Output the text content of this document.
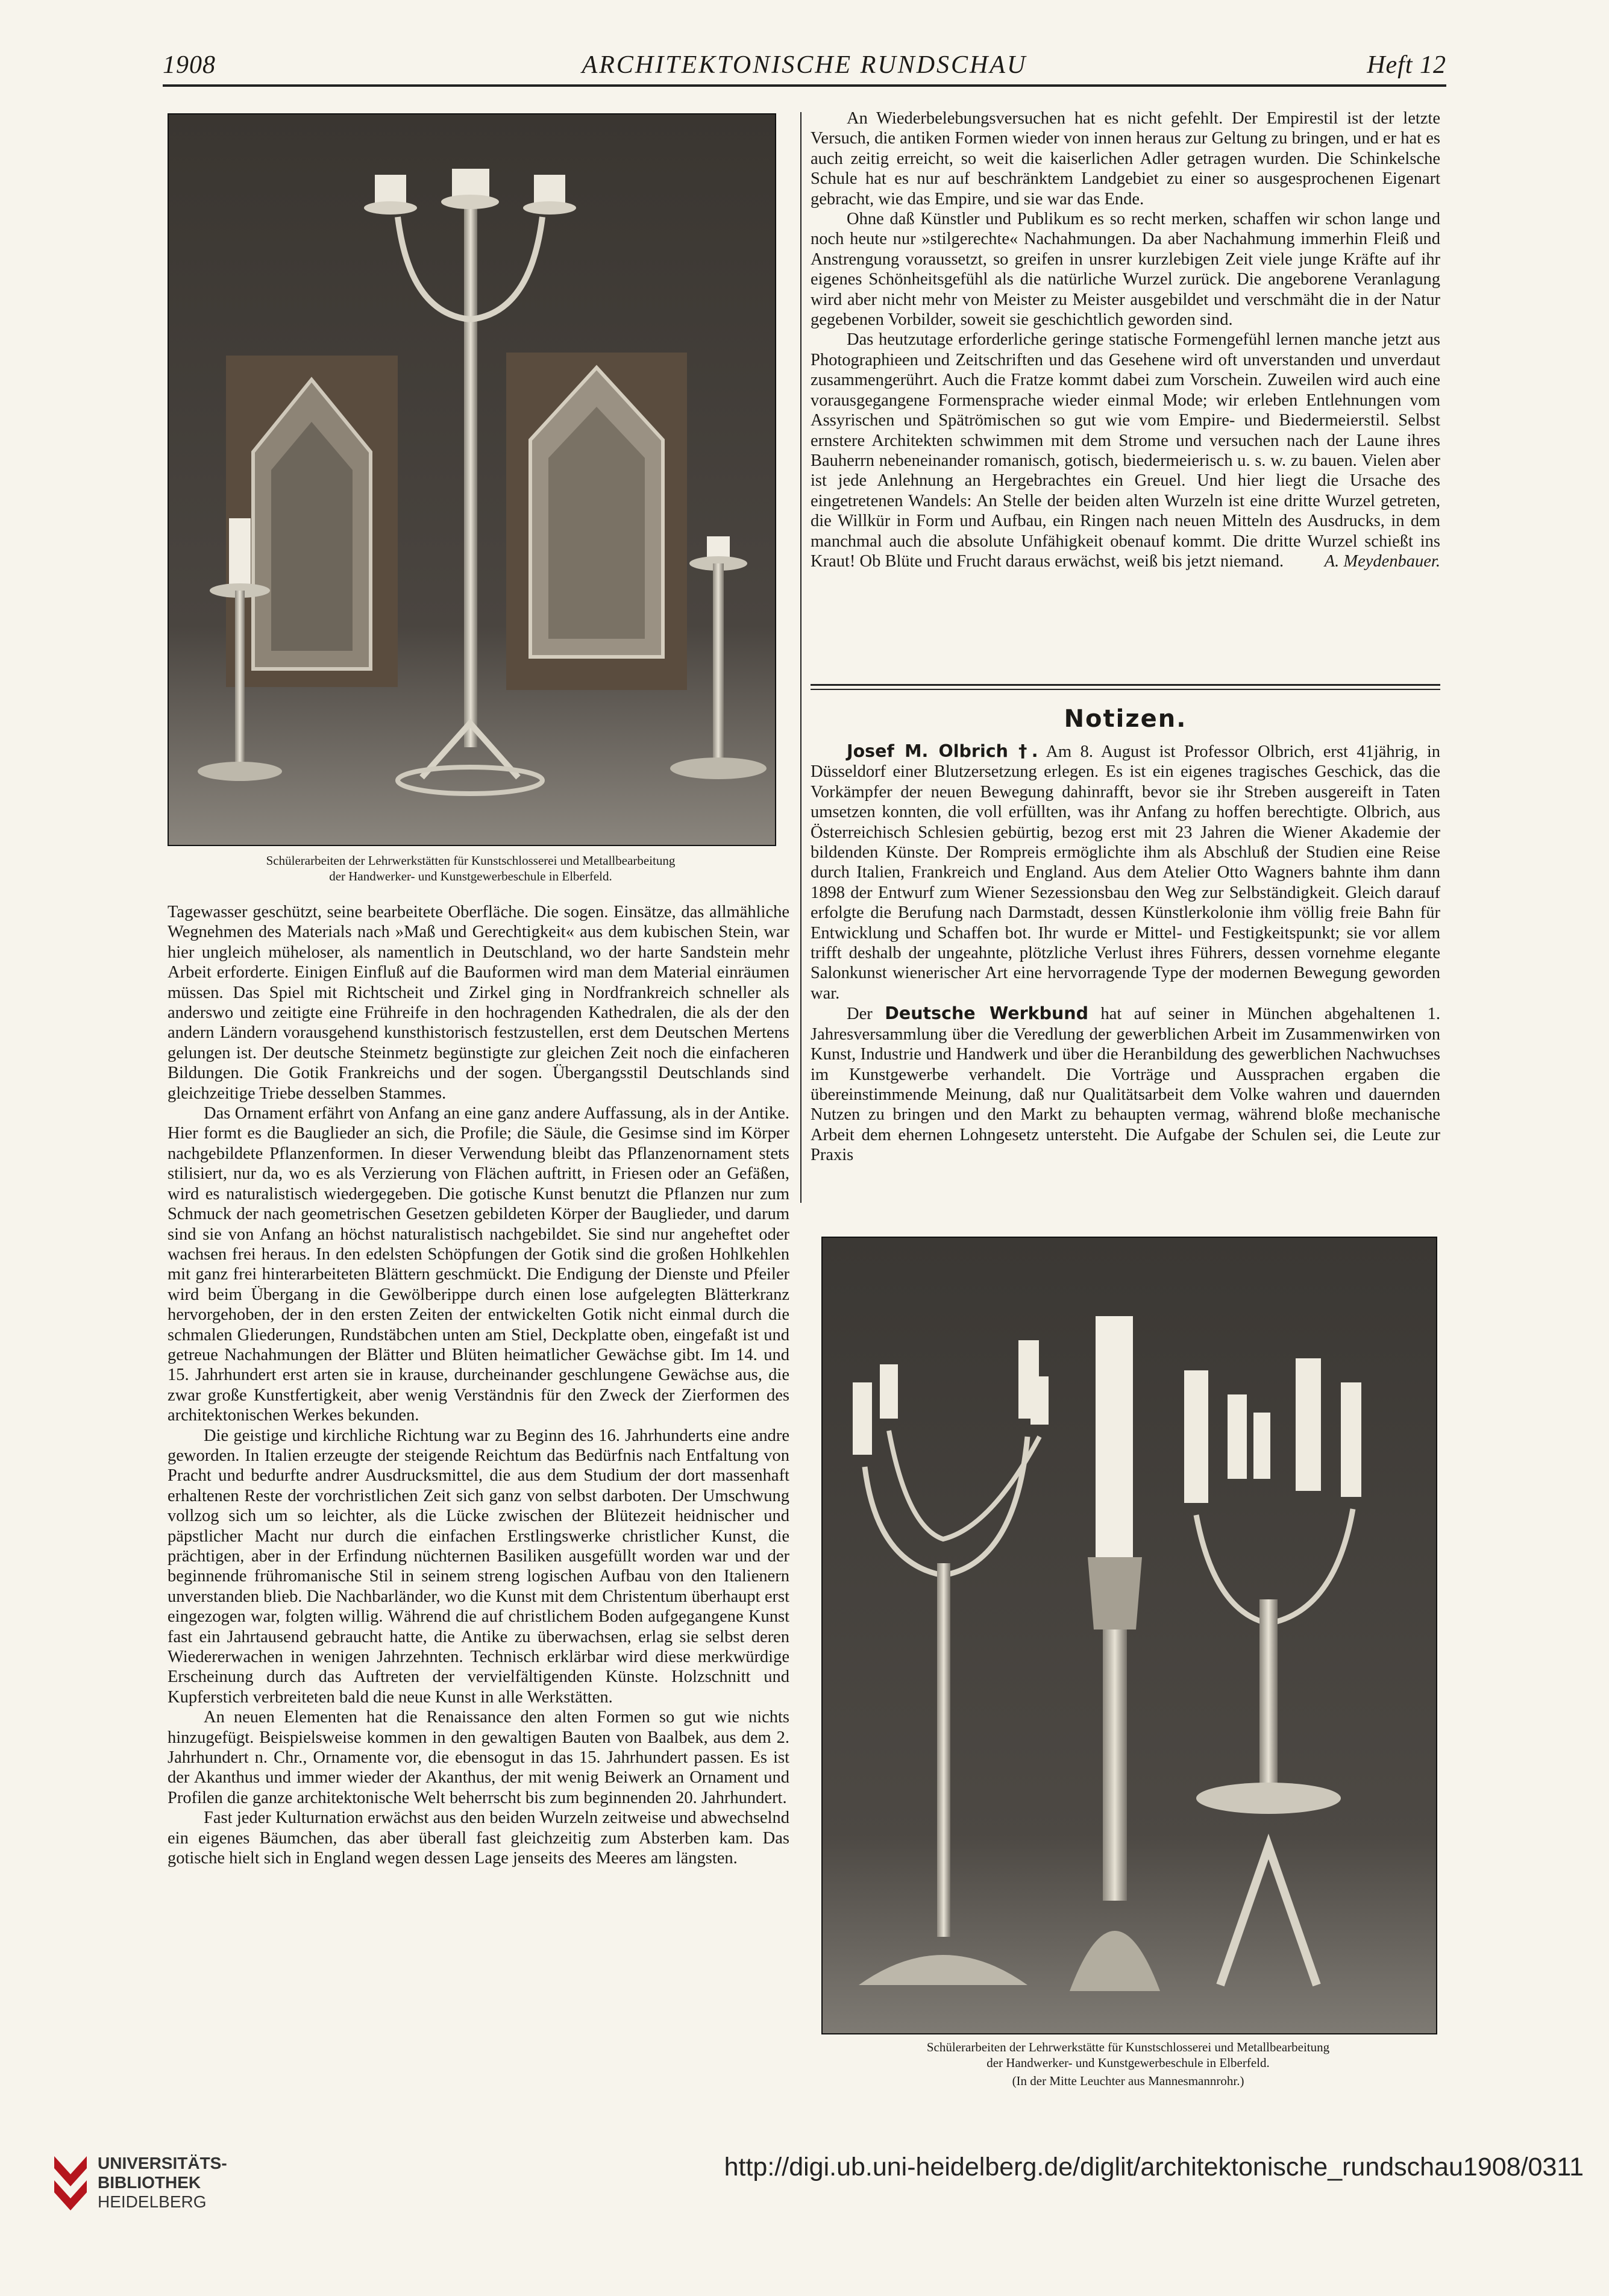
1908	ARCHITEKTONISCHE RUNDSCHAU	Heft 12
Schülerarbeiten der Lehrwerkstätten für Kunstschlosserei und Metallbearbeitung
der Handwerker- und Kunstgewerbeschule in Elberfeld.

Tagewasser geschützt, seine bearbeitete Oberfläche. Die sogen. Einsätze, das allmähliche Wegnehmen des Materials nach »Maß und Gerechtigkeit« aus dem kubischen Stein, war hier ungleich müheloser, als namentlich in Deutschland, wo der harte Sandstein mehr Arbeit erforderte. Einigen Einfluß auf die Bauformen wird man dem Material einräumen müssen. Das Spiel mit Richtscheit und Zirkel ging in Nordfrankreich schneller als anderswo und zeitigte eine Frühreife in den hochragenden Kathedralen, die als der den andern Ländern vorausgehend kunsthistorisch festzustellen, erst dem Deutschen Mertens gelungen ist. Der deutsche Steinmetz begünstigte zur gleichen Zeit noch die einfacheren Bildungen. Die Gotik Frankreichs und der sogen. Übergangsstil Deutschlands sind gleichzeitige Triebe desselben Stammes.

Das Ornament erfährt von Anfang an eine ganz andere Auffassung, als in der Antike. Hier formt es die Bauglieder an sich, die Profile; die Säule, die Gesimse sind im Körper nachgebildete Pflanzenformen. In dieser Verwendung bleibt das Pflanzenornament stets stilisiert, nur da, wo es als Verzierung von Flächen auftritt, in Friesen oder an Gefäßen, wird es naturalistisch wiedergegeben. Die gotische Kunst benutzt die Pflanzen nur zum Schmuck der nach geometrischen Gesetzen gebildeten Körper der Bauglieder, und darum sind sie von Anfang an höchst naturalistisch nachgebildet. Sie sind nur angeheftet oder wachsen frei heraus. In den edelsten Schöpfungen der Gotik sind die großen Hohlkehlen mit ganz frei hinterarbeiteten Blättern geschmückt. Die Endigung der Dienste und Pfeiler wird beim Übergang in die Gewölberippe durch einen lose aufgelegten Blätterkranz hervorgehoben, der in den ersten Zeiten der entwickelten Gotik nicht einmal durch die schmalen Gliederungen, Rundstäbchen unten am Stiel, Deckplatte oben, eingefaßt ist und getreue Nachahmungen der Blätter und Blüten heimatlicher Gewächse gibt. Im 14. und 15. Jahrhundert erst arten sie in krause, durcheinander geschlungene Gewächse aus, die zwar große Kunstfertigkeit, aber wenig Verständnis für den Zweck der Zierformen des architektonischen Werkes bekunden.

Die geistige und kirchliche Richtung war zu Beginn des 16. Jahrhunderts eine andre geworden. In Italien erzeugte der steigende Reichtum das Bedürfnis nach Entfaltung von Pracht und bedurfte andrer Ausdrucksmittel, die aus dem Studium der dort massenhaft erhaltenen Reste der vorchristlichen Zeit sich ganz von selbst darboten. Der Umschwung vollzog sich um so leichter, als die Lücke zwischen der Blütezeit heidnischer und päpstlicher Macht nur durch die einfachen Erstlingswerke christlicher Kunst, die prächtigen, aber in der Erfindung nüchternen Basiliken ausgefüllt worden war und der beginnende frühromanische Stil in seinem streng logischen Aufbau von den Italienern unverstanden blieb. Die Nachbarländer, wo die Kunst mit dem Christentum überhaupt erst eingezogen war, folgten willig. Während die auf christlichem Boden aufgegangene Kunst fast ein Jahrtausend gebraucht hatte, die Antike zu überwachsen, erlag sie selbst deren Wiedererwachen in wenigen Jahrzehnten. Technisch erklärbar wird diese merkwürdige Erscheinung durch das Auftreten der vervielfältigenden Künste. Holzschnitt und Kupferstich verbreiteten bald die neue Kunst in alle Werkstätten.

An neuen Elementen hat die Renaissance den alten Formen so gut wie nichts hinzugefügt. Beispielsweise kommen in den gewaltigen Bauten von Baalbek, aus dem 2. Jahrhundert n. Chr., Ornamente vor, die ebensogut in das 15. Jahrhundert passen. Es ist der Akanthus und immer wieder der Akanthus, der mit wenig Beiwerk an Ornament und Profilen die ganze architektonische Welt beherrscht bis zum beginnenden 20. Jahrhundert.

Fast jeder Kulturnation erwächst aus den beiden Wurzeln zeitweise und abwechselnd ein eigenes Bäumchen, das aber überall fast gleichzeitig zum Absterben kam. Das gotische hielt sich in England wegen dessen Lage jenseits des Meeres am längsten.

An Wiederbelebungsversuchen hat es nicht gefehlt. Der Empirestil ist der letzte Versuch, die antiken Formen wieder von innen heraus zur Geltung zu bringen, und er hat es auch zeitig erreicht, so weit die kaiserlichen Adler getragen wurden. Die Schinkelsche Schule hat es nur auf beschränktem Landgebiet zu einer so ausgesprochenen Eigenart gebracht, wie das Empire, und sie war das Ende.

Ohne daß Künstler und Publikum es so recht merken, schaffen wir schon lange und noch heute nur »stilgerechte« Nachahmungen. Da aber Nachahmung immerhin Fleiß und Anstrengung voraussetzt, so greifen in unsrer kurzlebigen Zeit viele junge Kräfte auf ihr eigenes Schönheitsgefühl als die natürliche Wurzel zurück. Die angeborene Veranlagung wird aber nicht mehr von Meister zu Meister ausgebildet und verschmäht die in der Natur gegebenen Vorbilder, soweit sie geschichtlich geworden sind.

Das heutzutage erforderliche geringe statische Formengefühl lernen manche jetzt aus Photographieen und Zeitschriften und das Gesehene wird oft unverstanden und unverdaut zusammengerührt. Auch die Fratze kommt dabei zum Vorschein. Zuweilen wird auch eine vorausgegangene Formensprache wieder einmal Mode; wir erleben Entlehnungen vom Assyrischen und Spätrömischen so gut wie vom Empire- und Biedermeierstil. Selbst ernstere Architekten schwimmen mit dem Strome und versuchen nach der Laune ihres Bauherrn nebeneinander romanisch, gotisch, biedermeierisch u. s. w. zu bauen. Vielen aber ist jede Anlehnung an Hergebrachtes ein Greuel. Und hier liegt die Ursache des eingetretenen Wandels: An Stelle der beiden alten Wurzeln ist eine dritte Wurzel getreten, die Willkür in Form und Aufbau, ein Ringen nach neuen Mitteln des Ausdrucks, in dem manchmal auch die absolute Unfähigkeit obenauf kommt. Die dritte Wurzel schießt ins Kraut! Ob Blüte und Frucht daraus erwächst, weiß bis jetzt niemand.	A. Meydenbauer.

Notizen.

Josef M. Olbrich †. Am 8. August ist Professor Olbrich, erst 41jährig, in Düsseldorf einer Blutzersetzung erlegen. Es ist ein eigenes tragisches Geschick, das die Vorkämpfer der neuen Bewegung dahinrafft, bevor sie ihr Streben ausgereift in Taten umsetzen konnten, die voll erfüllten, was ihr Anfang zu hoffen berechtigte. Olbrich, aus Österreichisch Schlesien gebürtig, bezog erst mit 23 Jahren die Wiener Akademie der bildenden Künste. Der Rompreis ermöglichte ihm als Abschluß der Studien eine Reise durch Italien, Frankreich und England. Aus dem Atelier Otto Wagners bahnte ihm dann 1898 der Entwurf zum Wiener Sezessionsbau den Weg zur Selbständigkeit. Gleich darauf erfolgte die Berufung nach Darmstadt, dessen Künstlerkolonie ihm völlig freie Bahn für Entwicklung und Schaffen bot. Ihr wurde er Mittel- und Festigkeitspunkt; sie vor allem trifft deshalb der ungeahnte, plötzliche Verlust ihres Führers, dessen vornehme elegante Salonkunst wienerischer Art eine hervorragende Type der modernen Bewegung geworden war.

Der Deutsche Werkbund hat auf seiner in München abgehaltenen 1. Jahresversammlung über die Veredlung der gewerblichen Arbeit im Zusammenwirken von Kunst, Industrie und Handwerk und über die Heranbildung des gewerblichen Nachwuchses im Kunstgewerbe verhandelt. Die Vorträge und Aussprachen ergaben die übereinstimmende Meinung, daß nur Qualitätsarbeit dem Volke wahren und dauernden Nutzen zu bringen und den Markt zu behaupten vermag, während bloße mechanische Arbeit dem ehernen Lohngesetz untersteht. Die Aufgabe der Schulen sei, die Leute zur Praxis

Schülerarbeiten der Lehrwerkstätte für Kunstschlosserei und Metallbearbeitung
der Handwerker- und Kunstgewerbeschule in Elberfeld.
(In der Mitte Leuchter aus Mannesmannrohr.)
UNIVERSITÄTS-
BIBLIOTHEK
HEIDELBERG
http://digi.ub.uni-heidelberg.de/diglit/architektonische_rundschau1908/0311
